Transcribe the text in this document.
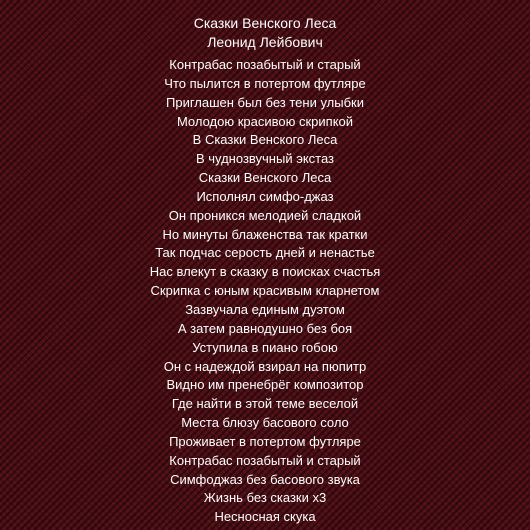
Сказки Венского Леса
Леонид Лейбович
Контрабас позабытый и старый
Что пылится в потертом футляре
Приглашен был без тени улыбки
Молодою красивою скрипкой
В Сказки Венского Леса
В чуднозвучный экстаз
Сказки Венского Леса
Исполнял симфо-джаз
Он проникся мелодией сладкой
Но минуты блаженства так кратки
Так подчас серость дней и ненастье
Нас влекут в сказку в поисках счастья
Скрипка с юным красивым кларнетом
Зазвучала единым дуэтом
А затем равнодушно без боя
Уступила в пиано гобою
Он с надеждой взирал на пюпитр
Видно им пренебрёг композитор
Где найти в этой теме веселой
Места блюзу басового соло
Проживает в потертом футляре
Контрабас позабытый и старый
Симфоджаз без басового звука
Жизнь без сказки x3
Несносная скука
